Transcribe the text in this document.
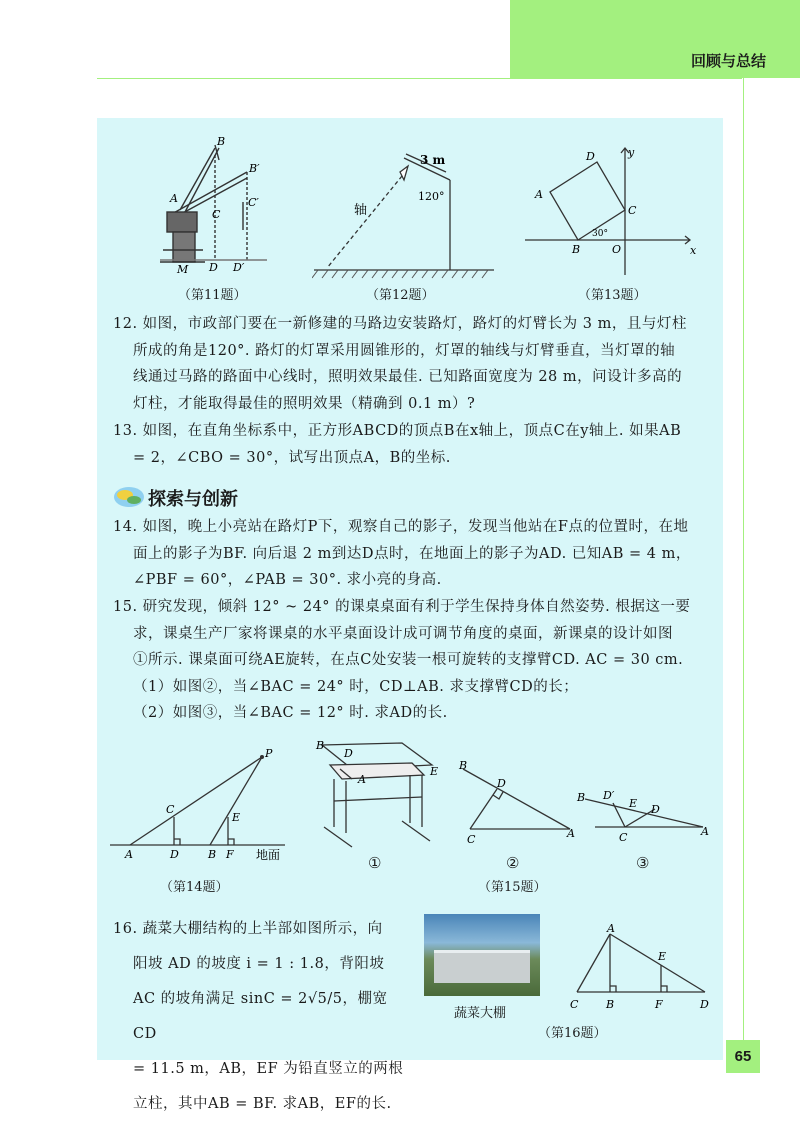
回顾与总结
B
B′
A	C′
C
M D D′
（第11题）
3 m
120°
轴
（第12题）
D	y
A
C
30°
B	O	x
（第13题）

12. 如图，市政部门要在一新修建的马路边安装路灯，路灯的灯臂长为 3 m，且与灯柱

所成的角是120°. 路灯的灯罩采用圆锥形的，灯罩的轴线与灯臂垂直，当灯罩的轴

线通过马路的路面中心线时，照明效果最佳. 已知路面宽度为 28 m，问设计多高的

灯柱，才能取得最佳的照明效果（精确到 0.1 m）?

13. 如图，在直角坐标系中，正方形ABCD的顶点B在x轴上，顶点C在y轴上. 如果AB

= 2，∠CBO = 30°，试写出顶点A，B的坐标.

探索与创新

14. 如图，晚上小亮站在路灯P下，观察自己的影子，发现当他站在F点的位置时，在地

面上的影子为BF. 向后退 2 m到达D点时，在地面上的影子为AD. 已知AB = 4 m，

∠PBF = 60°，∠PAB = 30°. 求小亮的身高.

15. 研究发现，倾斜 12° ~ 24° 的课桌桌面有利于学生保持身体自然姿势. 根据这一要

求，课桌生产厂家将课桌的水平桌面设计成可调节角度的桌面，新课桌的设计如图

①所示. 课桌面可绕AE旋转，在点C处安装一根可旋转的支撑臂CD. AC = 30 cm.

（1）如图②，当∠BAC = 24° 时，CD⊥AB. 求支撑臂CD的长；

（2）如图③，当∠BAC = 12° 时. 求AD的长.

P
C
E
A	D	B F 地面
（第14题）
B
D
A
E
①
B
D
C	A
②
B D′
E D
C	A
③
（第15题）
16. 蔬菜大棚结构的上半部如图所示，向
阳坡 AD 的坡度 i = 1 : 1.8，背阳坡
AC 的坡角满足 sinC = 2√5/5，棚宽 CD
= 11.5 m，AB，EF 为铅直竖立的两根
立柱，其中AB = BF. 求AB，EF的长.
蔬菜大棚
A
E
C	B	F	D
（第16题）
65
